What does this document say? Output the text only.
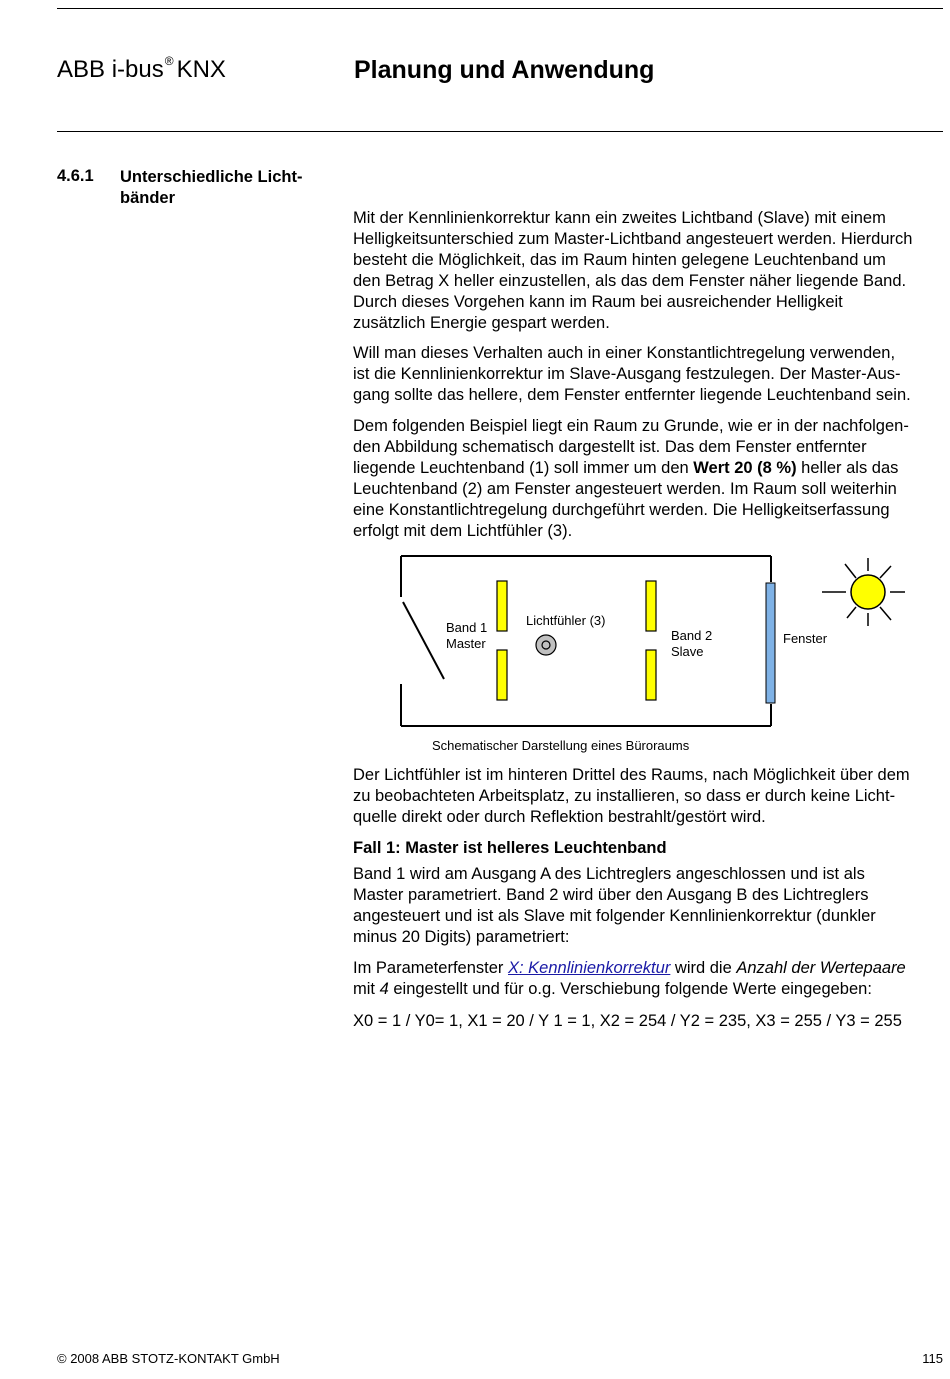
ABB i-bus® KNX	Planung und Anwendung
4.6.1 Unterschiedliche Licht-
bänder

Mit der Kennlinienkorrektur kann ein zweites Lichtband (Slave) mit einem
Helligkeitsunterschied zum Master-Lichtband angesteuert werden. Hierdurch
besteht die Möglichkeit, das im Raum hinten gelegene Leuchtenband um
den Betrag X heller einzustellen, als das dem Fenster näher liegende Band.
Durch dieses Vorgehen kann im Raum bei ausreichender Helligkeit
zusätzlich Energie gespart werden.

Will man dieses Verhalten auch in einer Konstantlichtregelung verwenden,
ist die Kennlinienkorrektur im Slave-Ausgang festzulegen. Der Master-Aus-
gang sollte das hellere, dem Fenster entfernter liegende Leuchtenband sein.

Dem folgenden Beispiel liegt ein Raum zu Grunde, wie er in der nachfolgen-
den Abbildung schematisch dargestellt ist. Das dem Fenster entfernter
liegende Leuchtenband (1) soll immer um den Wert 20 (8 %) heller als das
Leuchtenband (2) am Fenster angesteuert werden. Im Raum soll weiterhin
eine Konstantlichtregelung durchgeführt werden. Die Helligkeitserfassung
erfolgt mit dem Lichtfühler (3).

Band 1
Master
Lichtfühler (3)
Band 2
Slave
Fenster
Schematischer Darstellung eines Büroraums

Der Lichtfühler ist im hinteren Drittel des Raums, nach Möglichkeit über dem
zu beobachteten Arbeitsplatz, zu installieren, so dass er durch keine Licht-
quelle direkt oder durch Reflektion bestrahlt/gestört wird.

Fall 1: Master ist helleres Leuchtenband

Band 1 wird am Ausgang A des Lichtreglers angeschlossen und ist als
Master parametriert. Band 2 wird über den Ausgang B des Lichtreglers
angesteuert und ist als Slave mit folgender Kennlinienkorrektur (dunkler
minus 20 Digits) parametriert:

Im Parameterfenster X: Kennlinienkorrektur wird die Anzahl der Wertepaare
mit 4 eingestellt und für o.g. Verschiebung folgende Werte eingegeben:

X0 = 1 / Y0= 1, X1 = 20 / Y 1 = 1, X2 = 254 / Y2 = 235, X3 = 255 / Y3 = 255
© 2008 ABB STOTZ-KONTAKT GmbH	115
